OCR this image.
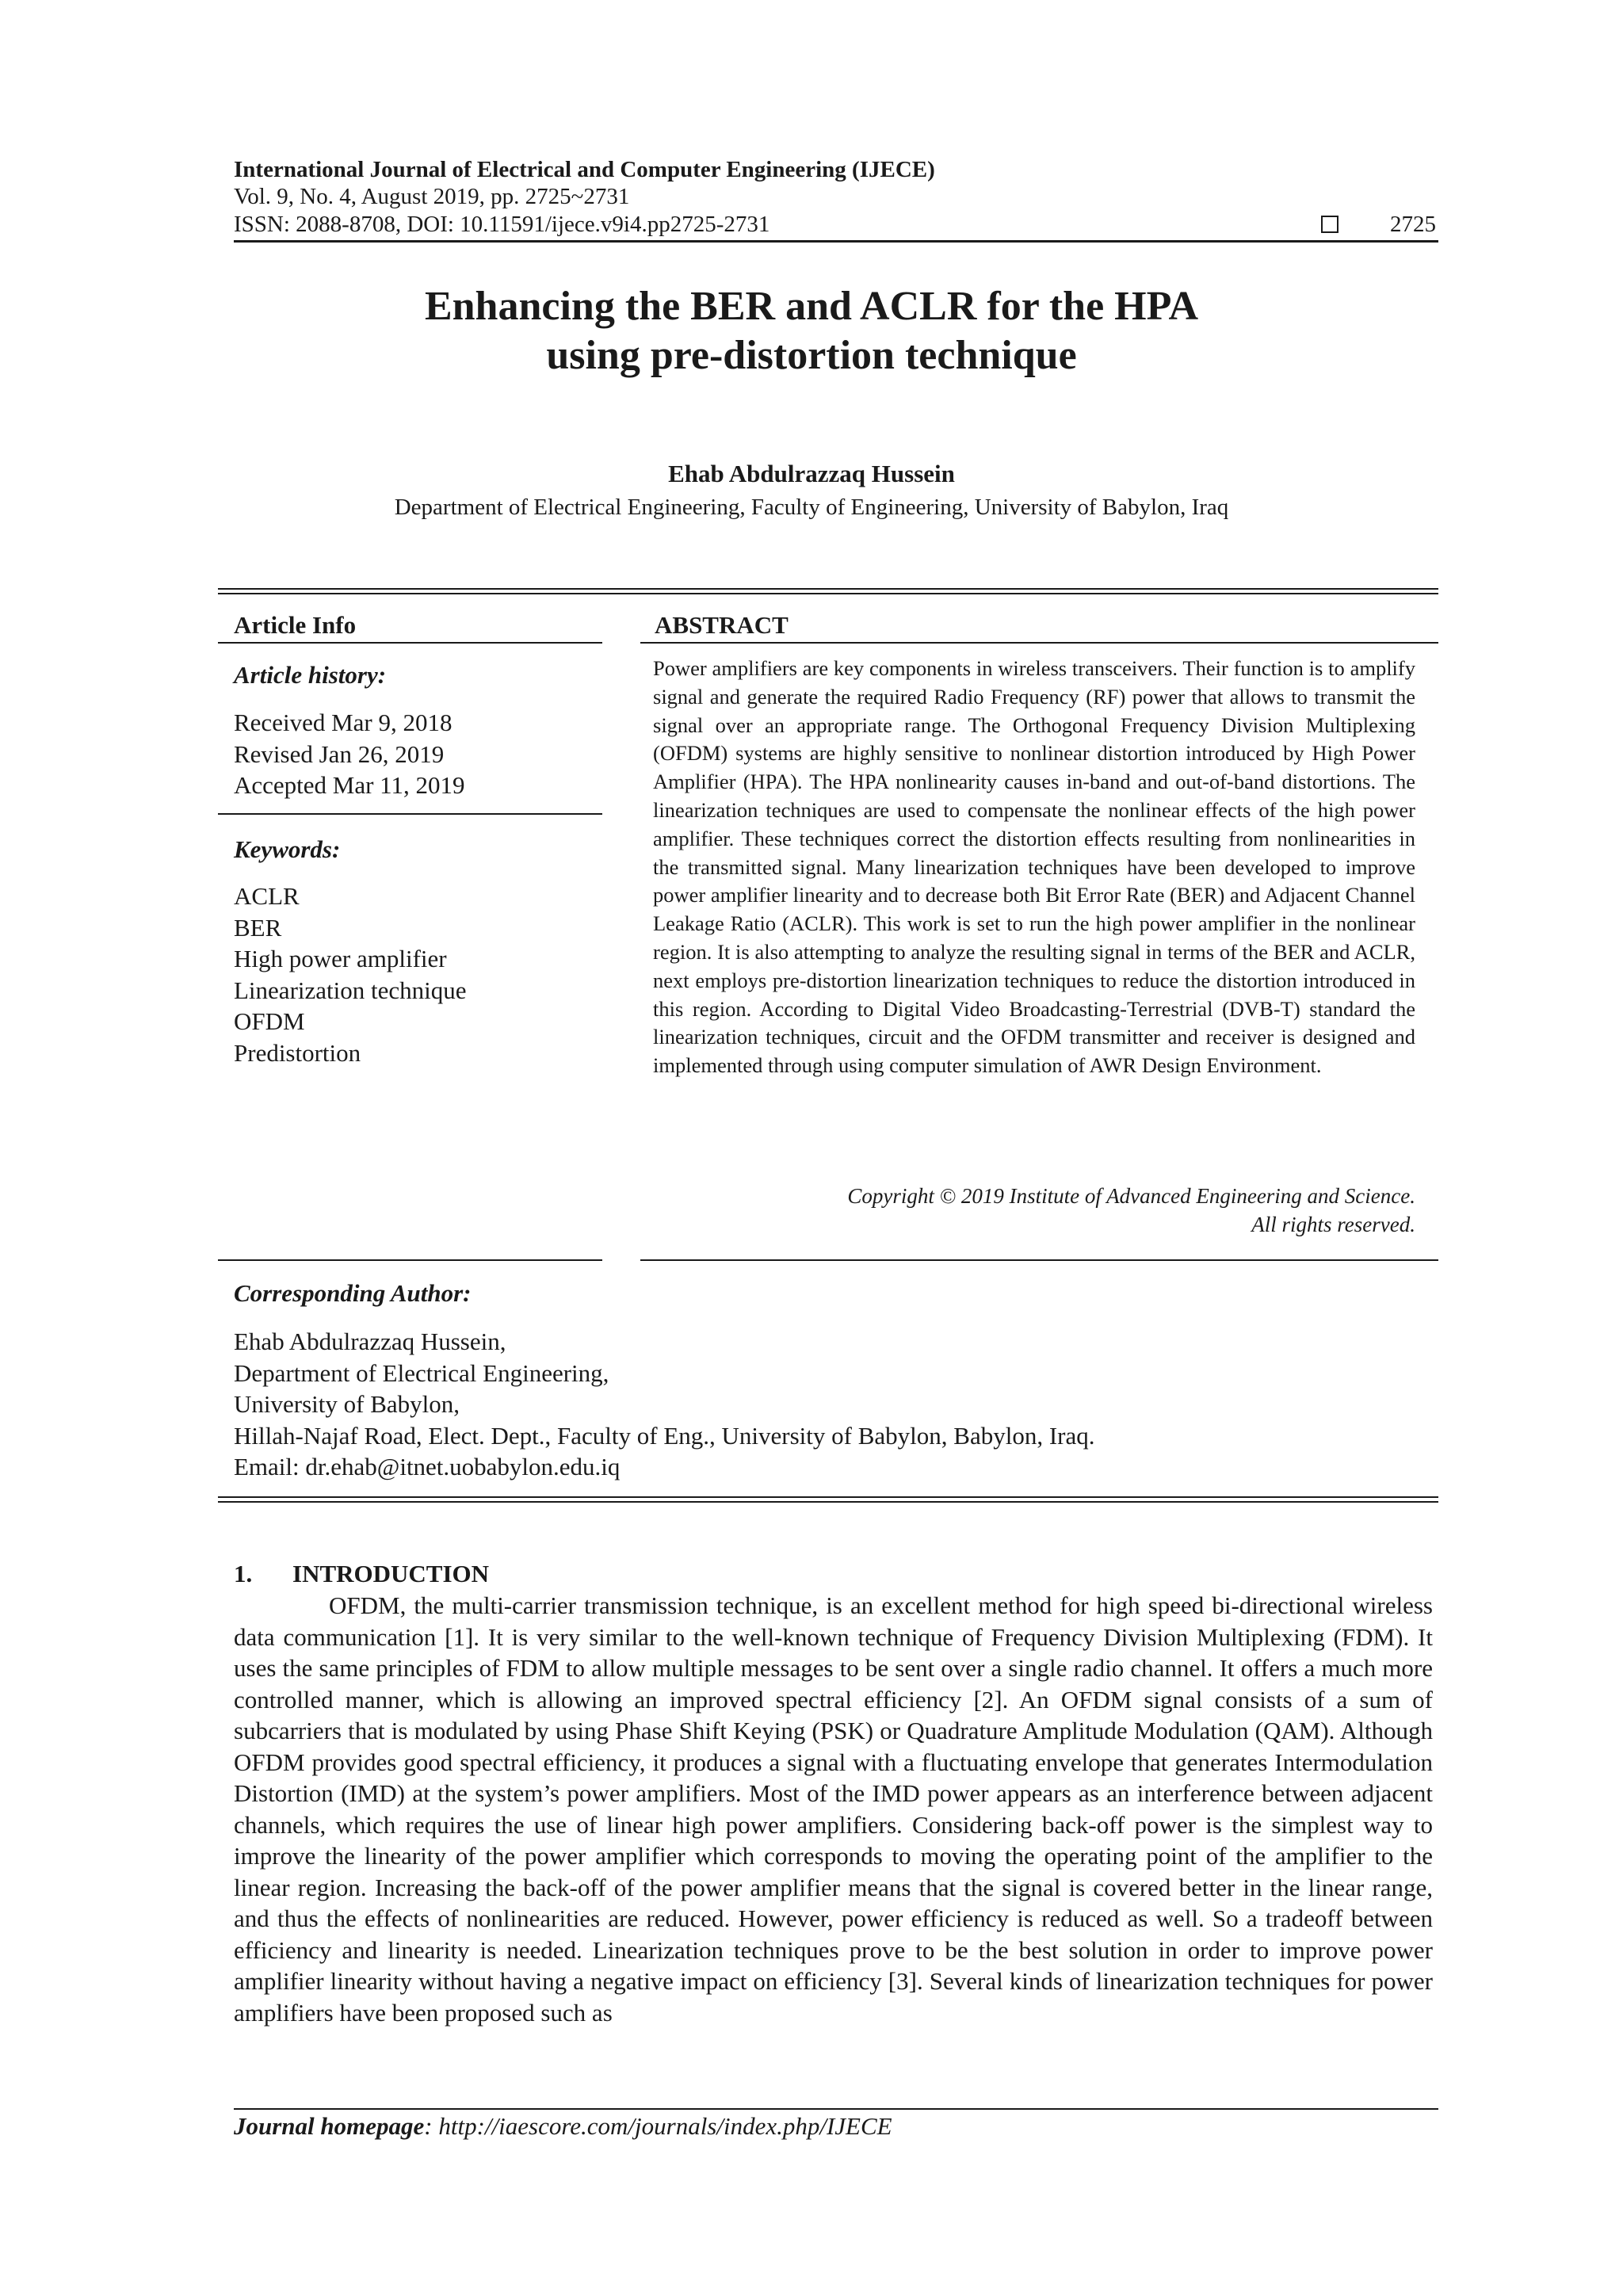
International Journal of Electrical and Computer Engineering (IJECE)
Vol. 9, No. 4, August 2019, pp. 2725~2731
ISSN: 2088-8708, DOI: 10.11591/ijece.v9i4.pp2725-2731	2725
Enhancing the BER and ACLR for the HPA
using pre-distortion technique
Ehab Abdulrazzaq Hussein
Department of Electrical Engineering, Faculty of Engineering, University of Babylon, Iraq
Article Info
Article history:
Received Mar 9, 2018
Revised Jan 26, 2019
Accepted Mar 11, 2019
Keywords:
ACLR
BER
High power amplifier
Linearization technique
OFDM
Predistortion
ABSTRACT
Power amplifiers are key components in wireless transceivers. Their function is to amplify signal and generate the required Radio Frequency (RF) power that allows to transmit the signal over an appropriate range. The Orthogonal Frequency Division Multiplexing (OFDM) systems are highly sensitive to nonlinear distortion introduced by High Power Amplifier (HPA). The HPA nonlinearity causes in-band and out-of-band distortions. The linearization techniques are used to compensate the nonlinear effects of the high power amplifier. These techniques correct the distortion effects resulting from nonlinearities in the transmitted signal. Many linearization techniques have been developed to improve power amplifier linearity and to decrease both Bit Error Rate (BER) and Adjacent Channel Leakage Ratio (ACLR). This work is set to run the high power amplifier in the nonlinear region. It is also attempting to analyze the resulting signal in terms of the BER and ACLR, next employs pre-distortion linearization techniques to reduce the distortion introduced in this region. According to Digital Video Broadcasting-Terrestrial (DVB-T) standard the linearization techniques, circuit and the OFDM transmitter and receiver is designed and implemented through using computer simulation of AWR Design Environment.
Copyright © 2019 Institute of Advanced Engineering and Science.
All rights reserved.
Corresponding Author:
Ehab Abdulrazzaq Hussein,
Department of Electrical Engineering,
University of Babylon,
Hillah-Najaf Road, Elect. Dept., Faculty of Eng., University of Babylon, Babylon, Iraq.
Email: dr.ehab@itnet.uobabylon.edu.iq
1. INTRODUCTION
OFDM, the multi-carrier transmission technique, is an excellent method for high speed bi-directional wireless data communication [1]. It is very similar to the well-known technique of Frequency Division Multiplexing (FDM). It uses the same principles of FDM to allow multiple messages to be sent over a single radio channel. It offers a much more controlled manner, which is allowing an improved spectral efficiency [2]. An OFDM signal consists of a sum of subcarriers that is modulated by using Phase Shift Keying (PSK) or Quadrature Amplitude Modulation (QAM). Although OFDM provides good spectral efficiency, it produces a signal with a fluctuating envelope that generates Intermodulation Distortion (IMD) at the system’s power amplifiers. Most of the IMD power appears as an interference between adjacent channels, which requires the use of linear high power amplifiers. Considering back-off power is the simplest way to improve the linearity of the power amplifier which corresponds to moving the operating point of the amplifier to the linear region. Increasing the back-off of the power amplifier means that the signal is covered better in the linear range, and thus the effects of nonlinearities are reduced. However, power efficiency is reduced as well. So a tradeoff between efficiency and linearity is needed. Linearization techniques prove to be the best solution in order to improve power amplifier linearity without having a negative impact on efficiency [3]. Several kinds of linearization techniques for power amplifiers have been proposed such as
Journal homepage: http://iaescore.com/journals/index.php/IJECE
